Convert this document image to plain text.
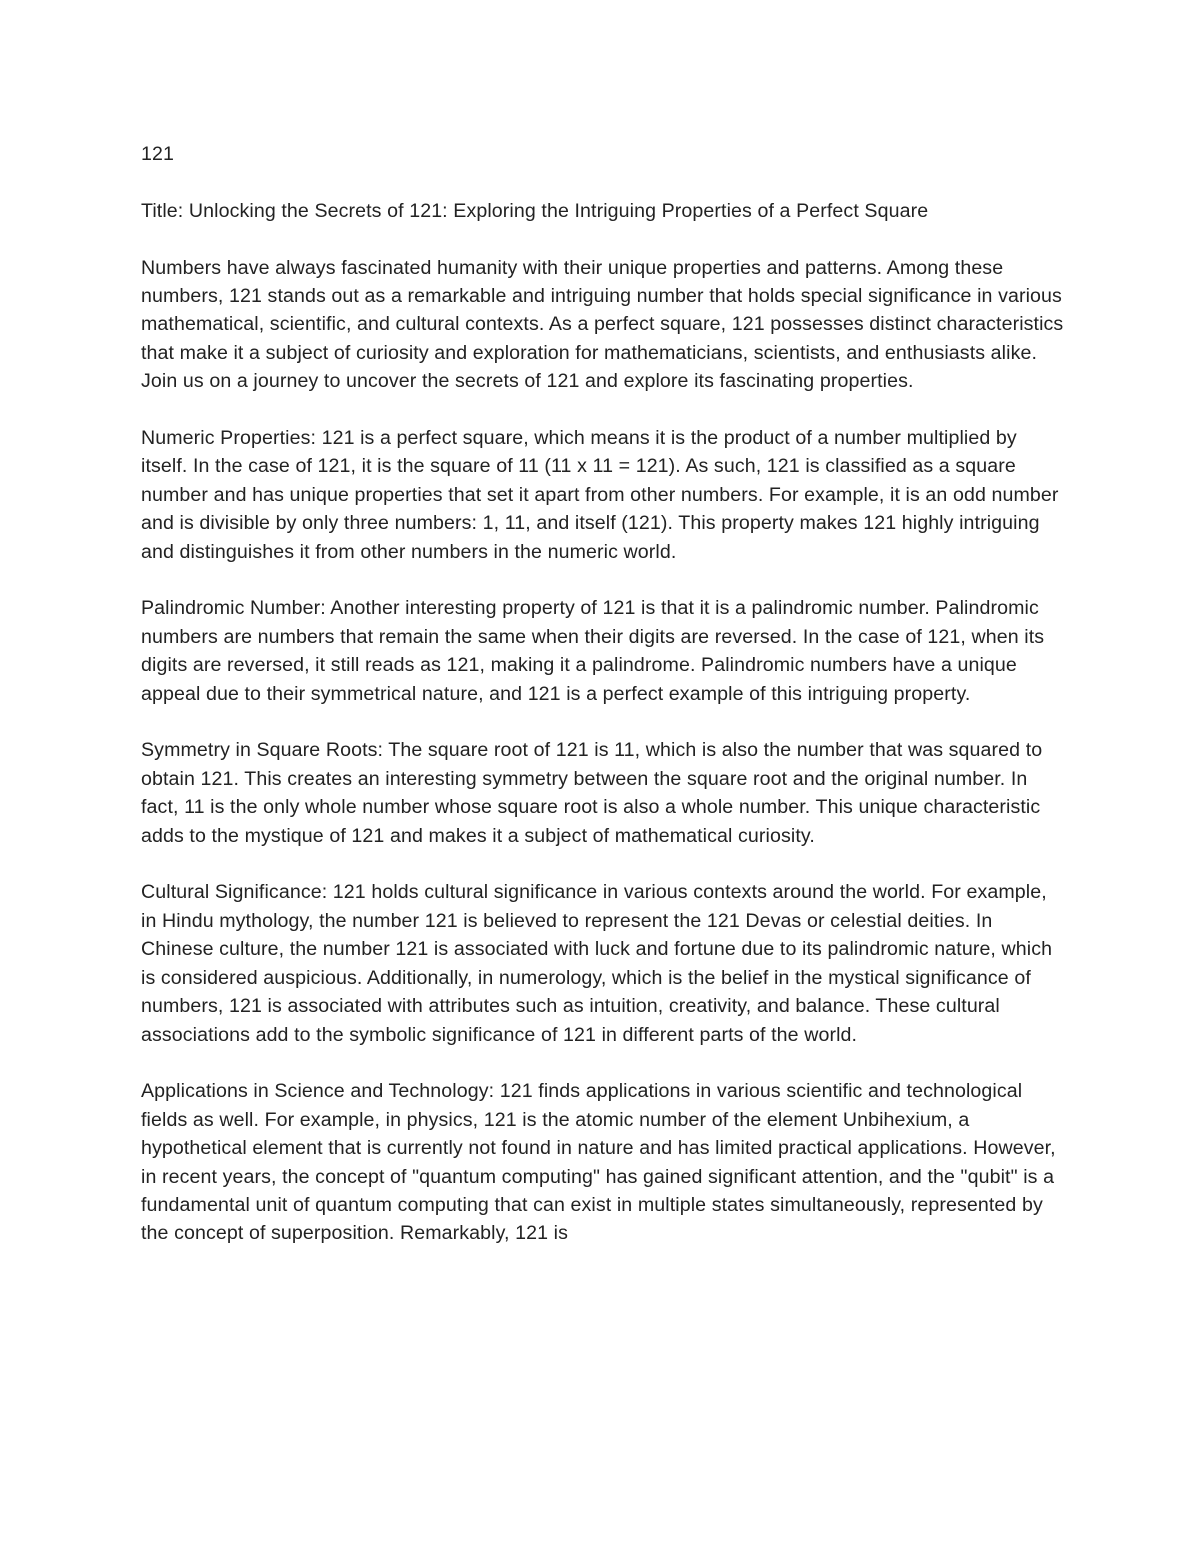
121

Title: Unlocking the Secrets of 121: Exploring the Intriguing Properties of a Perfect Square

Numbers have always fascinated humanity with their unique properties and patterns. Among these numbers, 121 stands out as a remarkable and intriguing number that holds special significance in various mathematical, scientific, and cultural contexts. As a perfect square, 121 possesses distinct characteristics that make it a subject of curiosity and exploration for mathematicians, scientists, and enthusiasts alike. Join us on a journey to uncover the secrets of 121 and explore its fascinating properties.

Numeric Properties: 121 is a perfect square, which means it is the product of a number multiplied by itself. In the case of 121, it is the square of 11 (11 x 11 = 121). As such, 121 is classified as a square number and has unique properties that set it apart from other numbers. For example, it is an odd number and is divisible by only three numbers: 1, 11, and itself (121). This property makes 121 highly intriguing and distinguishes it from other numbers in the numeric world.

Palindromic Number: Another interesting property of 121 is that it is a palindromic number. Palindromic numbers are numbers that remain the same when their digits are reversed. In the case of 121, when its digits are reversed, it still reads as 121, making it a palindrome. Palindromic numbers have a unique appeal due to their symmetrical nature, and 121 is a perfect example of this intriguing property.

Symmetry in Square Roots: The square root of 121 is 11, which is also the number that was squared to obtain 121. This creates an interesting symmetry between the square root and the original number. In fact, 11 is the only whole number whose square root is also a whole number. This unique characteristic adds to the mystique of 121 and makes it a subject of mathematical curiosity.

Cultural Significance: 121 holds cultural significance in various contexts around the world. For example, in Hindu mythology, the number 121 is believed to represent the 121 Devas or celestial deities. In Chinese culture, the number 121 is associated with luck and fortune due to its palindromic nature, which is considered auspicious. Additionally, in numerology, which is the belief in the mystical significance of numbers, 121 is associated with attributes such as intuition, creativity, and balance. These cultural associations add to the symbolic significance of 121 in different parts of the world.

Applications in Science and Technology: 121 finds applications in various scientific and technological fields as well. For example, in physics, 121 is the atomic number of the element Unbihexium, a hypothetical element that is currently not found in nature and has limited practical applications. However, in recent years, the concept of "quantum computing" has gained significant attention, and the "qubit" is a fundamental unit of quantum computing that can exist in multiple states simultaneously, represented by the concept of superposition. Remarkably, 121 is
